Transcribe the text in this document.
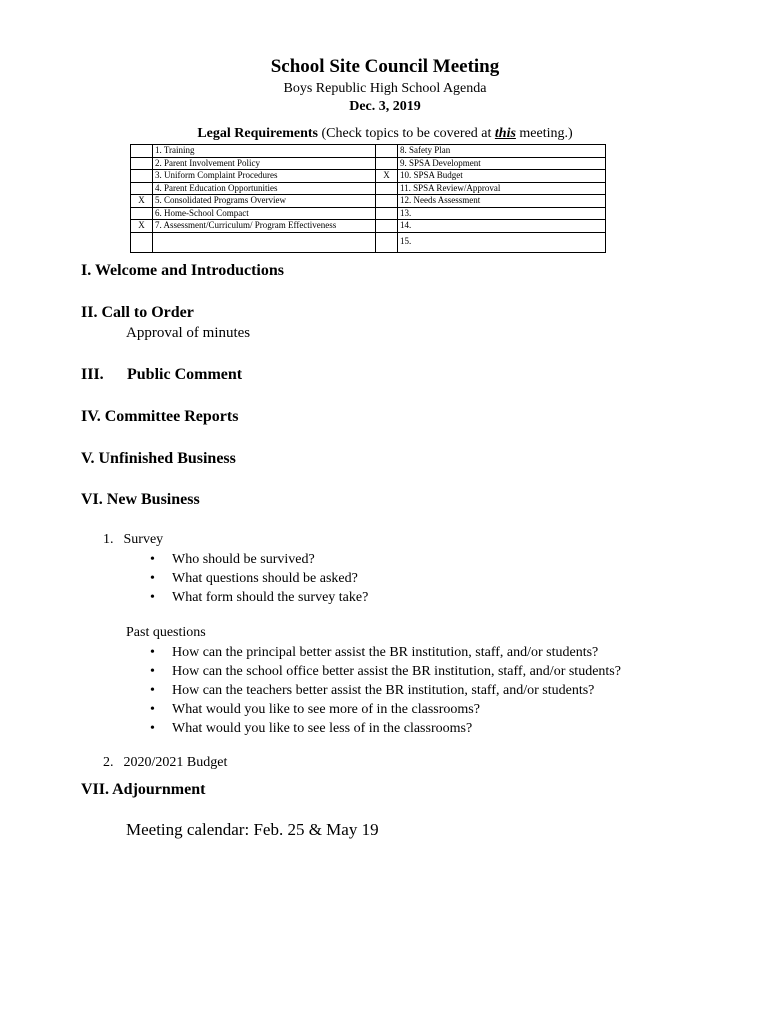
School Site Council Meeting
Boys Republic High School Agenda
Dec. 3, 2019
Legal Requirements (Check topics to be covered at this meeting.)
	1. Training		8. Safety Plan
	2. Parent Involvement Policy		9. SPSA Development
	3. Uniform Complaint Procedures	X	10. SPSA Budget
	4. Parent Education Opportunities		11. SPSA Review/Approval
X	5. Consolidated Programs Overview		12. Needs Assessment
	6. Home-School Compact		13.
X	7. Assessment/Curriculum/ Program Effectiveness		14.
			15.
I. Welcome and Introductions
II. Call to Order
Approval of minutes
III. Public Comment
IV. Committee Reports
V. Unfinished Business
VI. New Business
1. Survey
• Who should be survived?
• What questions should be asked?
• What form should the survey take?
Past questions
• How can the principal better assist the BR institution, staff, and/or students?
• How can the school office better assist the BR institution, staff, and/or students?
• How can the teachers better assist the BR institution, staff, and/or students?
• What would you like to see more of in the classrooms?
• What would you like to see less of in the classrooms?
2. 2020/2021 Budget
VII. Adjournment
Meeting calendar: Feb. 25 & May 19
